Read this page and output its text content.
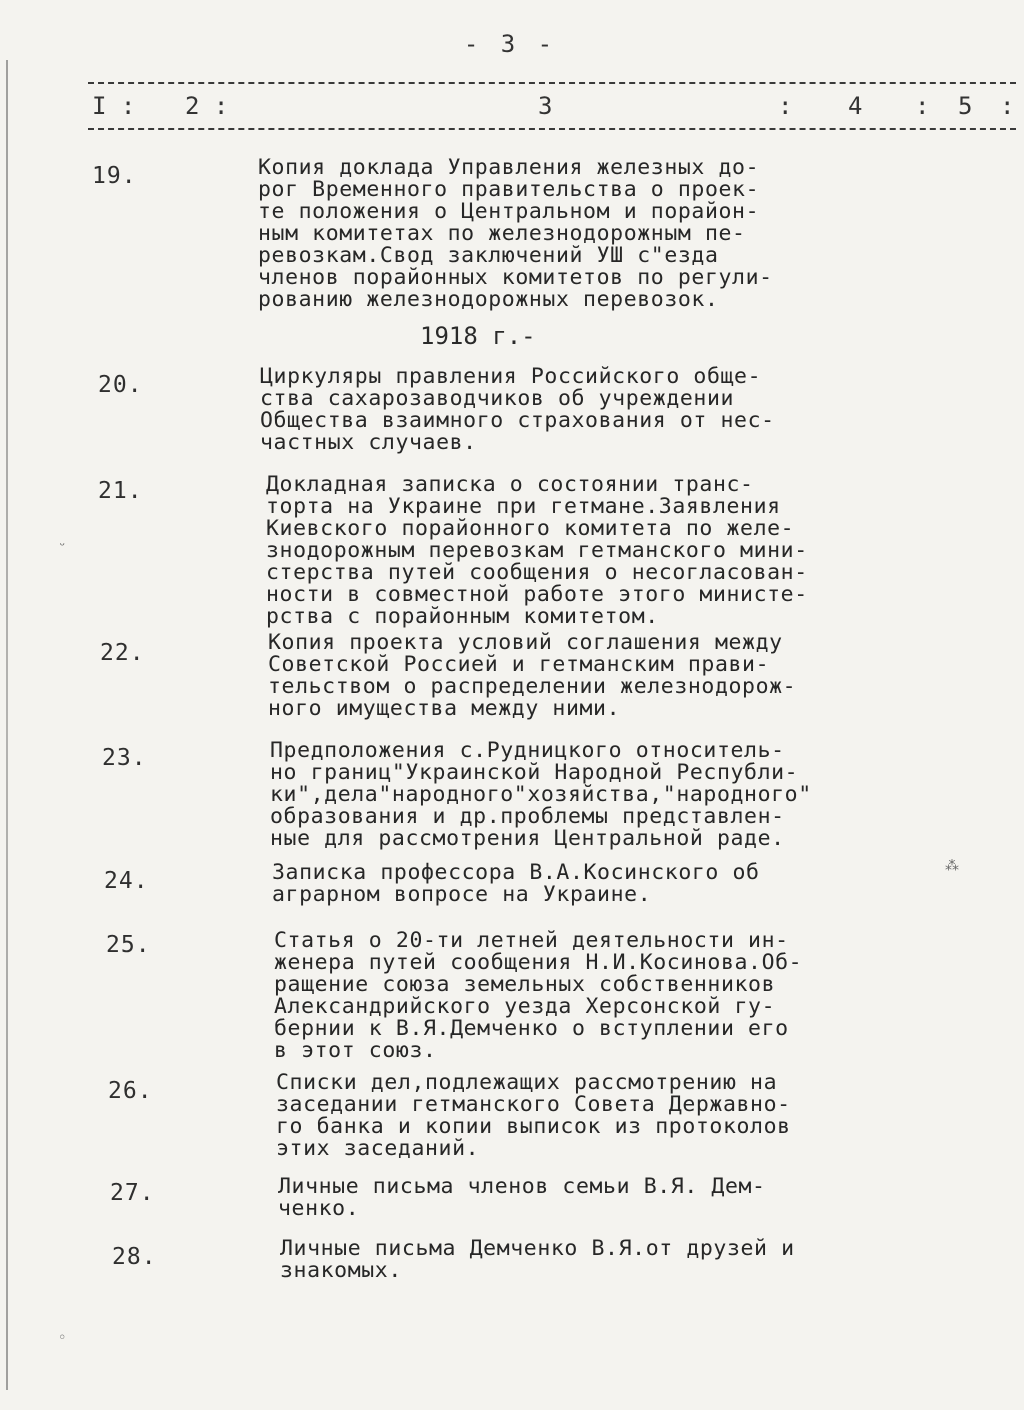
- 3 -
I : 2 :	3	: 4 : 5 :
1918 г.-
19.	Копия доклада Управления железных до-
рог Временного правительства о проек-
те положения о Центральном и порайон-
ным комитетах по железнодорожным пе-
ревозкам.Свод заключений УШ с"езда
членов порайонных комитетов по регули-
рованию железнодорожных перевозок.
20.	Циркуляры правления Российского обще-
ства сахарозаводчиков об учреждении
Общества взаимного страхования от нес-
частных случаев.
21.	Докладная записка о состоянии транс-
торта на Украине при гетмане.Заявления
Киевского порайонного комитета по желе-
знодорожным перевозкам гетманского мини-
стерства путей сообщения о несогласован-
ности в совместной работе этого министе-
рства с порайонным комитетом.
22.	Копия проекта условий соглашения между
Советской Россией и гетманским прави-
тельством о распределении железнодорож-
ного имущества между ними.
23.	Предположения с.Рудницкого относитель-
но границ"Украинской Народной Республи-
ки",дела"народного"хозяйства,"народного"
образования и др.проблемы представлен-
ные для рассмотрения Центральной раде.
24.	Записка профессора В.А.Косинского об
аграрном вопросе на Украине.
25.	Статья о 20-ти летней деятельности ин-
женера путей сообщения Н.И.Косинова.Об-
ращение союза земельных собственников
Александрийского уезда Херсонской гу-
бернии к В.Я.Демченко о вступлении его
в этот союз.
26.	Списки дел,подлежащих рассмотрению на
заседании гетманского Совета Державно-
го банка и копии выписок из протоколов
этих заседаний.
27.	Личные письма членов семьи В.Я. Дем-
ченко.
28.	Личные письма Демченко В.Я.от друзей и
знакомых.
ᵕ
⁂
◦
